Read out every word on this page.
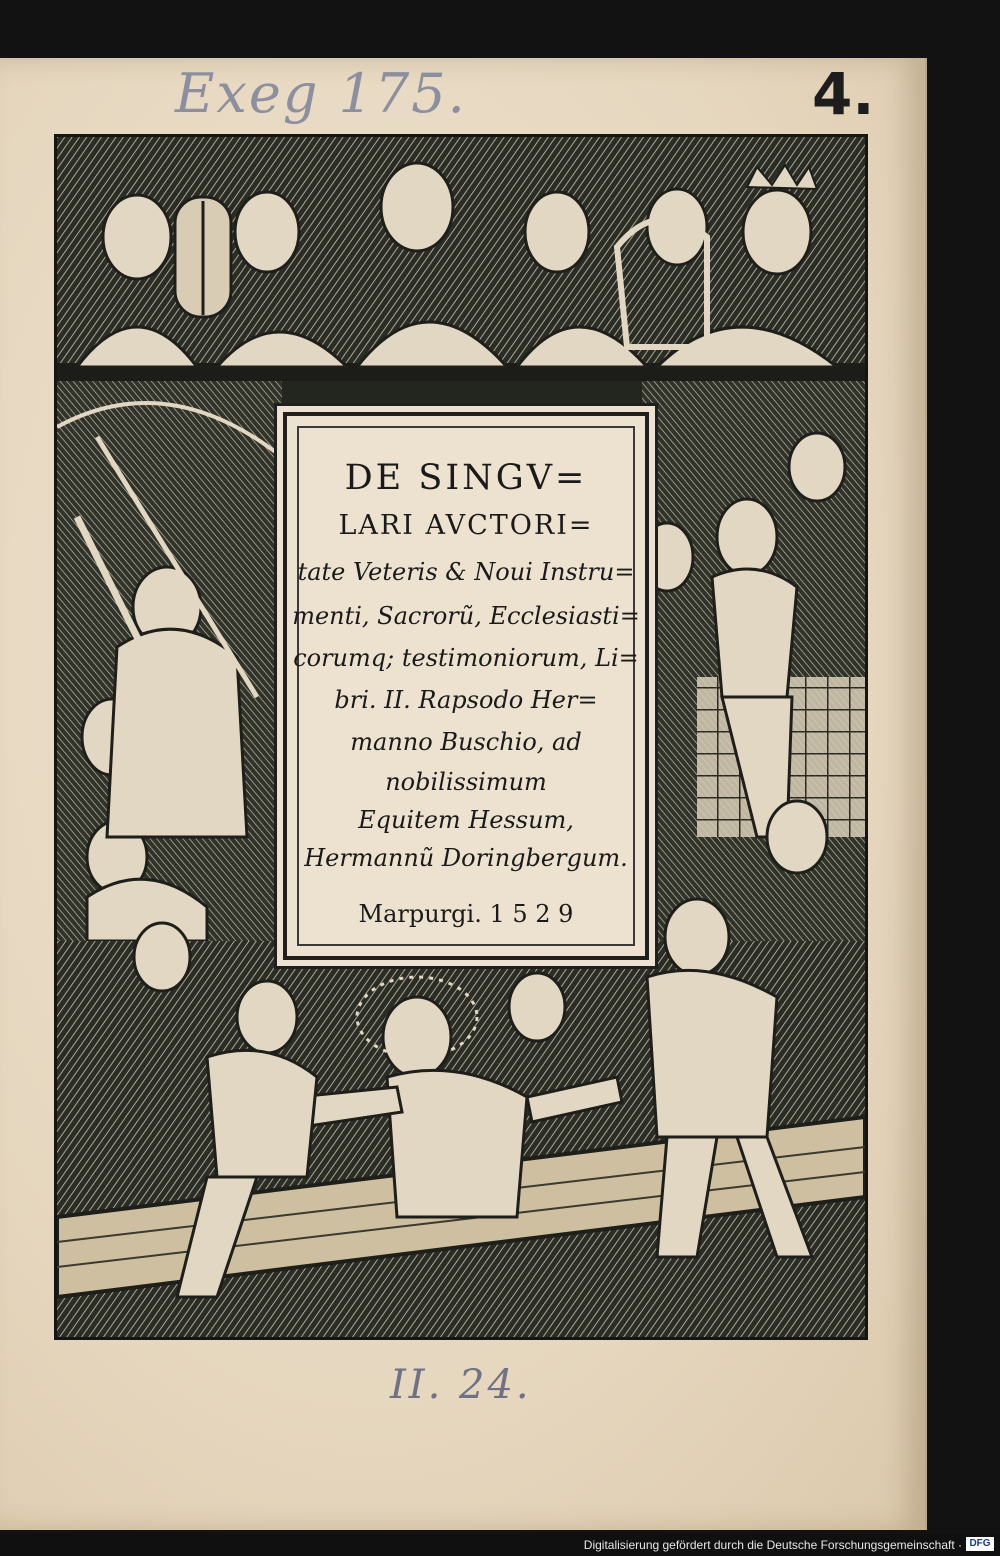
Exeg 175.	4.
DE SINGV=
LARI AVCTORI=
tate Veteris & Noui Instru=
menti, Sacrorũ, Ecclesiasti=
corumq; testimoniorum, Li=
bri. II. Rapsodo Her=
manno Buschio, ad
nobilissimum
Equitem Hessum,
Hermannũ Doringbergum.
Marpurgi. 1 5 2 9
II. 24.
Digitalisierung gefördert durch die Deutsche Forschungsgemeinschaft · DFG
